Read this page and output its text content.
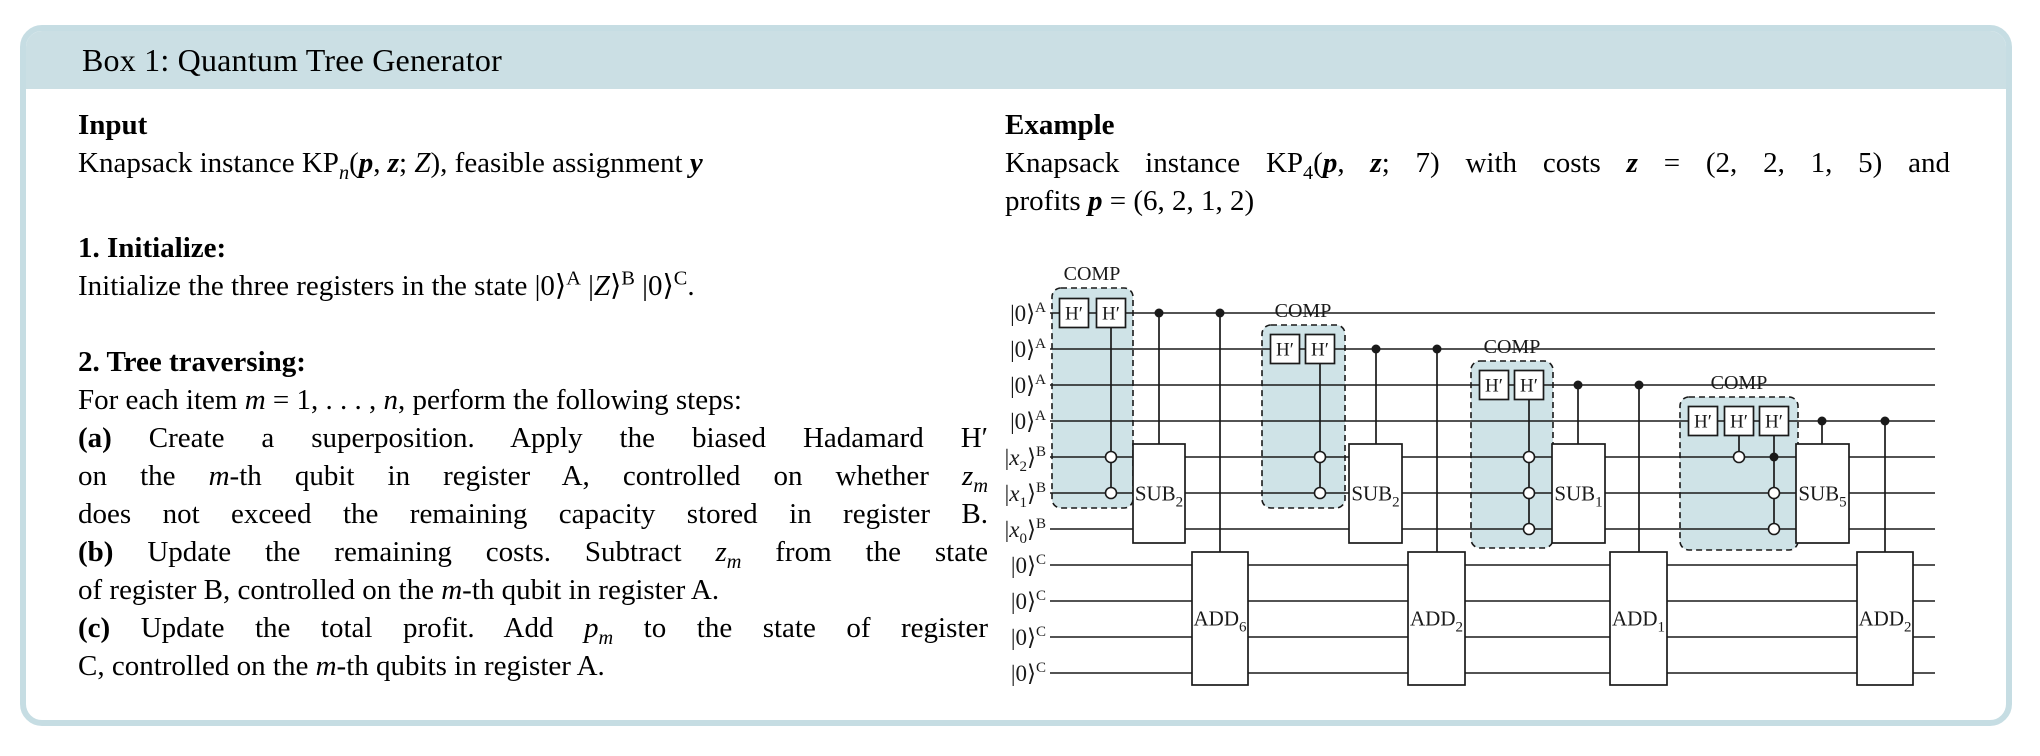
Box 1: Quantum Tree Generator
Input
Knapsack instance $KP_n(p$, z; Z), feasible assignment y
1. Initialize:
Initialize the three registers in the state |0⟩$^A$ |Z⟩$^B$ |0⟩$^C$.
2. Tree traversing:
For each item m = 1, . . . , n, perform the following steps:
(a) Create a superposition. Apply the biased Hadamard H′
on the m-th qubit in register A, controlled on whether $z_m$
does not exceed the remaining capacity stored in register B.
(b) Update the remaining costs. Subtract $z_m$ from the state
of register B, controlled on the m-th qubit in register A.
(c) Update the total profit. Add $p_m$ to the state of register
C, controlled on the m-th qubits in register A.
Example
Knapsack instance $KP_4(p$, z; 7) with costs z = (2, 2, 1, 5) and
profits p = (6, 2, 1, 2)
COMP
COMP
COMP
COMP
$SUB_2$
$ADD_6$
$SUB_2$
$ADD_2$
$SUB_1$
$ADD_1$
$SUB_5$
$ADD_2$
H′ H′
H′ H′
H′ H′
H′ H′ H′
|0⟩$^A$
|0⟩$^A$
|0⟩$^A$
|0⟩$^A$
$|x_2⟩^B$
$|x_1⟩^B$
$|x_0⟩^B$
|0⟩$^C$
|0⟩$^C$
|0⟩$^C$
|0⟩$^C$
